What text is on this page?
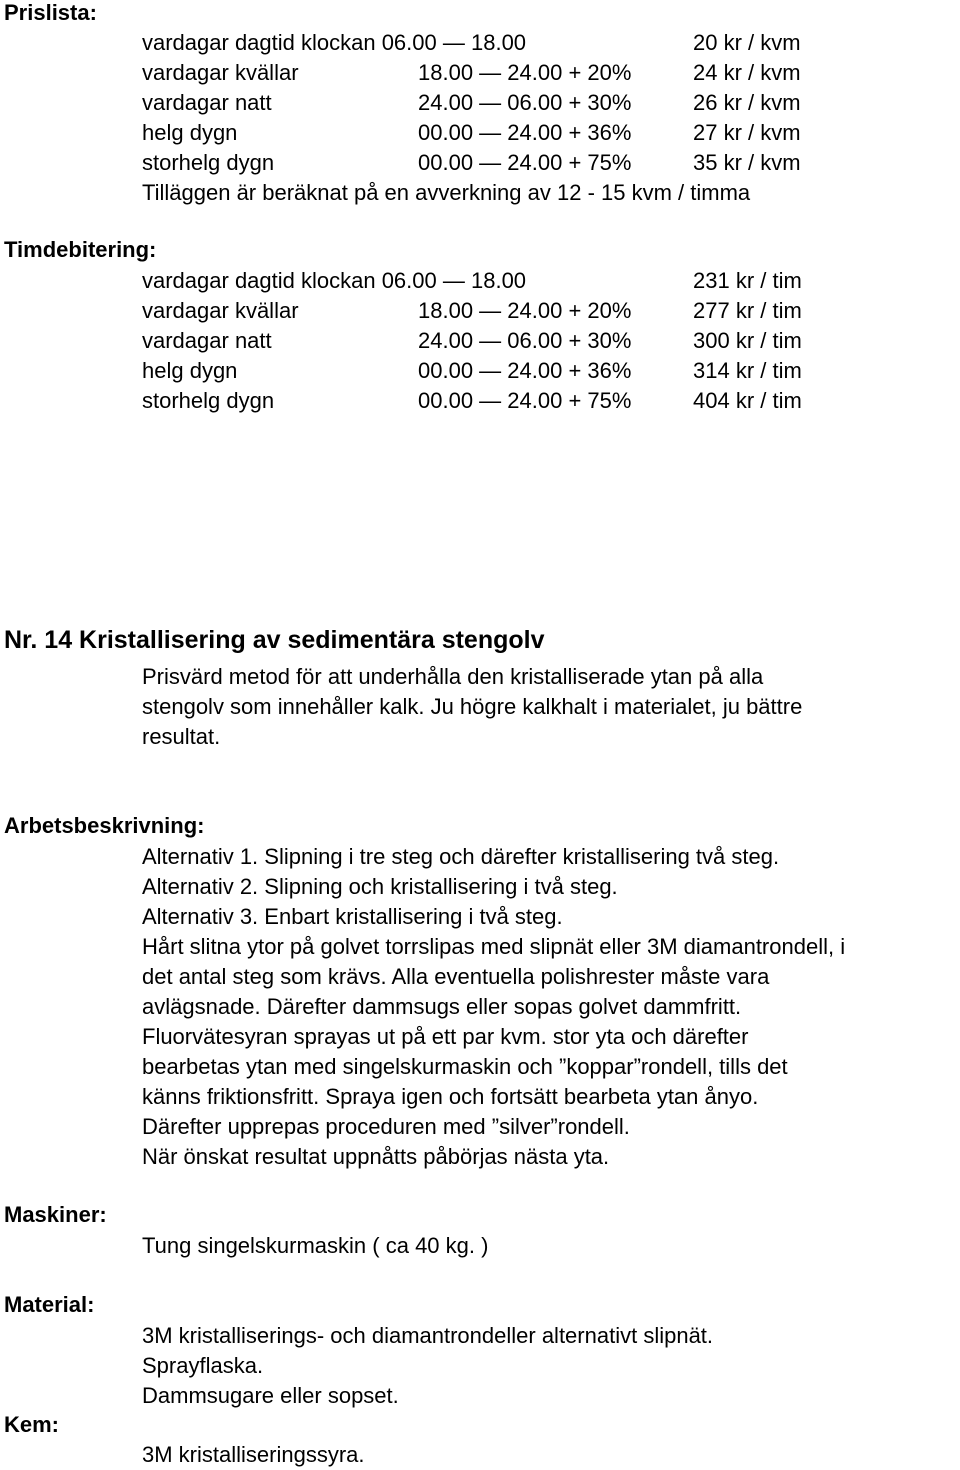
Prislista:
vardagar dagtid klockan 06.00 — 18.00	20 kr / kvm
vardagar kvällar	18.00 — 24.00 + 20%	24 kr / kvm
vardagar natt	24.00 — 06.00 + 30%	26 kr / kvm
helg dygn	00.00 — 24.00 + 36%	27 kr / kvm
storhelg dygn	00.00 — 24.00 + 75%	35 kr / kvm
Tilläggen är beräknat på en avverkning av 12 - 15 kvm / timma
Timdebitering:
vardagar dagtid klockan 06.00 — 18.00	231 kr / tim
vardagar kvällar	18.00 — 24.00 + 20%	277 kr / tim
vardagar natt	24.00 — 06.00 + 30%	300 kr / tim
helg dygn	00.00 — 24.00 + 36%	314 kr / tim
storhelg dygn	00.00 — 24.00 + 75%	404 kr / tim
Nr. 14 Kristallisering av sedimentära stengolv
Prisvärd metod för att underhålla den kristalliserade ytan på alla
stengolv som innehåller kalk. Ju högre kalkhalt i materialet, ju bättre
resultat.
Arbetsbeskrivning:
Alternativ 1. Slipning i tre steg och därefter kristallisering två steg.
Alternativ 2. Slipning och kristallisering i två steg.
Alternativ 3. Enbart kristallisering i två steg.
Hårt slitna ytor på golvet torrslipas med slipnät eller 3M diamantrondell, i
det antal steg som krävs. Alla eventuella polishrester måste vara
avlägsnade. Därefter dammsugs eller sopas golvet dammfritt.
Fluorvätesyran sprayas ut på ett par kvm. stor yta och därefter
bearbetas ytan med singelskurmaskin och ”koppar”rondell, tills det
känns friktionsfritt. Spraya igen och fortsätt bearbeta ytan ånyo.
Därefter upprepas proceduren med ”silver”rondell.
När önskat resultat uppnåtts påbörjas nästa yta.
Maskiner:
Tung singelskurmaskin ( ca 40 kg. )
Material:
3M kristalliserings- och diamantrondeller alternativt slipnät.
Sprayflaska.
Dammsugare eller sopset.
Kem:
3M kristalliseringssyra.
